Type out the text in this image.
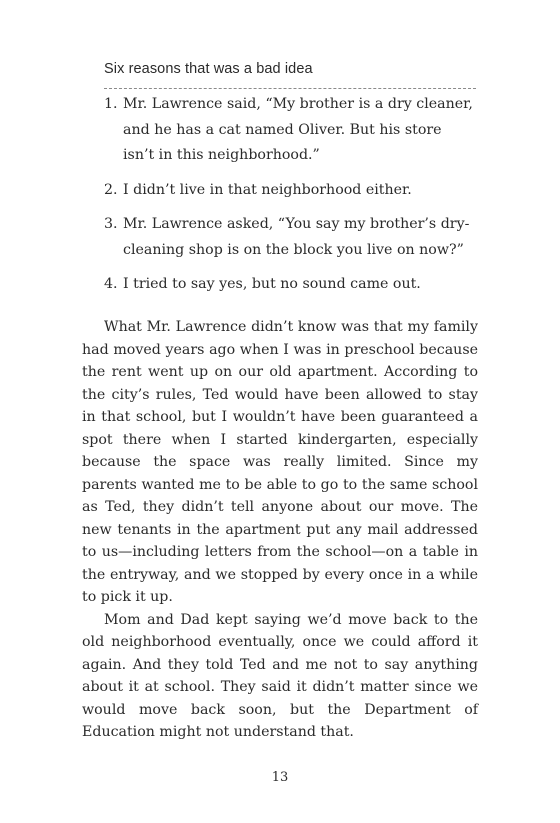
Six reasons that was a bad idea
1. Mr. Lawrence said, “My brother is a dry cleaner, and he has a cat named Oliver. But his store isn’t in this neighborhood.”
2. I didn’t live in that neighborhood either.
3. Mr. Lawrence asked, “You say my brother’s dry-cleaning shop is on the block you live on now?”
4. I tried to say yes, but no sound came out.

What Mr. Lawrence didn’t know was that my family had moved years ago when I was in preschool because the rent went up on our old apartment. According to the city’s rules, Ted would have been allowed to stay in that school, but I wouldn’t have been guaranteed a spot there when I started kindergarten, especially because the space was really limited. Since my parents wanted me to be able to go to the same school as Ted, they didn’t tell anyone about our move. The new tenants in the apartment put any mail addressed to us—including letters from the school—on a table in the entryway, and we stopped by every once in a while to pick it up.

Mom and Dad kept saying we’d move back to the old neighborhood eventually, once we could afford it again. And they told Ted and me not to say anything about it at school. They said it didn’t matter since we would move back soon, but the Department of Education might not understand that.

13
